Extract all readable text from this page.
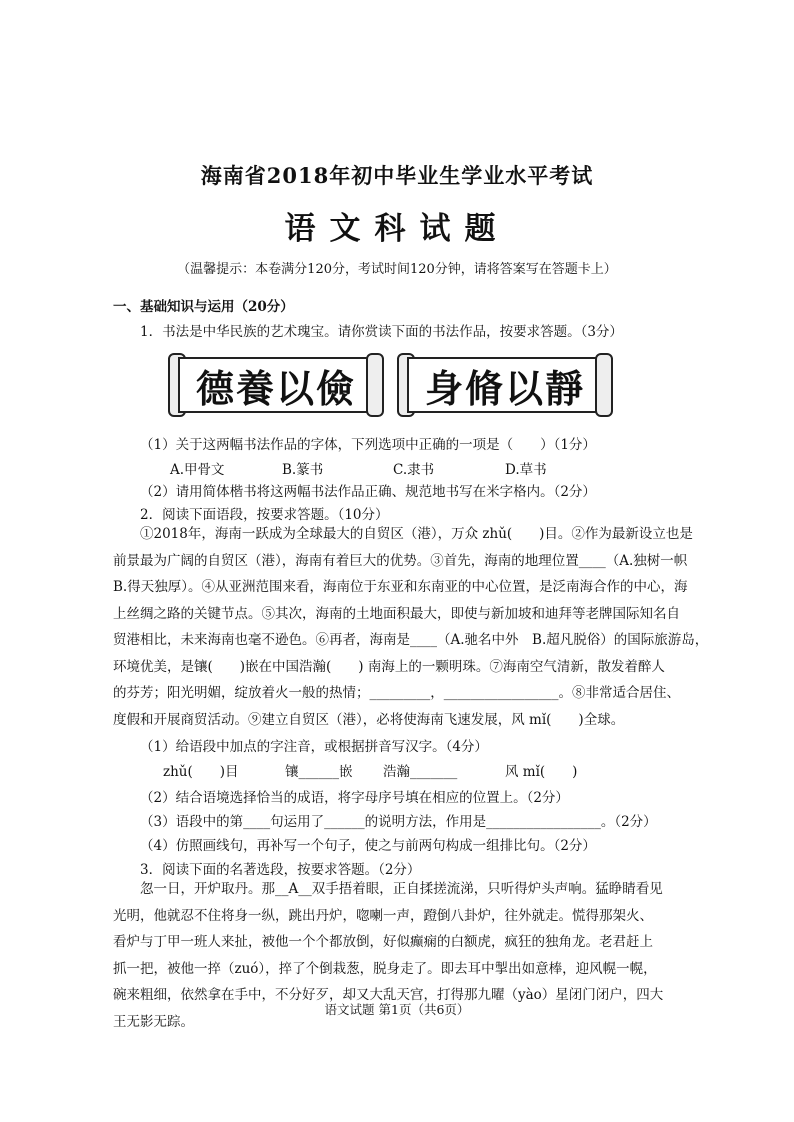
海南省2018年初中毕业生学业水平考试
语文科试题
（温馨提示：本卷满分120分，考试时间120分钟，请将答案写在答题卡上）
一、基础知识与运用（20分）
1．书法是中华民族的艺术瑰宝。请你赏读下面的书法作品，按要求答题。（3分）
德養以儉 身脩以靜
（1）关于这两幅书法作品的字体，下列选项中正确的一项是（　　）（1分）
A.甲骨文	B.篆书	C.隶书	D.草书
（2）请用简体楷书将这两幅书法作品正确、规范地书写在米字格内。（2分）
2．阅读下面语段，按要求答题。（10分）
①2018年，海南一跃成为全球最大的自贸区（港），万众 zhǔ(　　)目。②作为最新设立也是
前景最为广阔的自贸区（港），海南有着巨大的优势。③首先，海南的地理位置____（A.独树一帜
B.得天独厚）。④从亚洲范围来看，海南位于东亚和东南亚的中心位置，是泛南海合作的中心，海
上丝绸之路的关键节点。⑤其次，海南的土地面积最大，即使与新加坡和迪拜等老牌国际知名自
贸港相比，未来海南也毫不逊色。⑥再者，海南是____（A.驰名中外　B.超凡脱俗）的国际旅游岛，
环境优美，是镶(　　)嵌在中国浩瀚(　　) 南海上的一颗明珠。⑦海南空气清新，散发着醉人
的芬芳；阳光明媚，绽放着火一般的热情；_________，_________________。⑧非常适合居住、
度假和开展商贸活动。⑨建立自贸区（港），必将使海南飞速发展，风 mǐ(　　)全球。
（1）给语段中加点的字注音，或根据拼音写汉字。（4分）
zhǔ(　　)目	镶______嵌 浩瀚_______	风 mǐ(　　)
（2）结合语境选择恰当的成语，将字母序号填在相应的位置上。（2分）
（3）语段中的第____句运用了______的说明方法，作用是_________________。（2分）
（4）仿照画线句，再补写一个句子，使之与前两句构成一组排比句。（2分）
3．阅读下面的名著选段，按要求答题。（2分）
忽一日，开炉取丹。那__A__双手捂着眼，正自揉搓流涕，只听得炉头声响。猛睁睛看见
光明，他就忍不住将身一纵，跳出丹炉，唿喇一声，蹬倒八卦炉，往外就走。慌得那架火、
看炉与丁甲一班人来扯，被他一个个都放倒，好似癫痫的白额虎，疯狂的独角龙。老君赶上
抓一把，被他一捽（zuó），捽了个倒栽葱，脱身走了。即去耳中掣出如意棒，迎风幌一幌，
碗来粗细，依然拿在手中，不分好歹，却又大乱天宫，打得那九曜（yào）星闭门闭户，四大
王无影无踪。
语文试题 第1页（共6页）
